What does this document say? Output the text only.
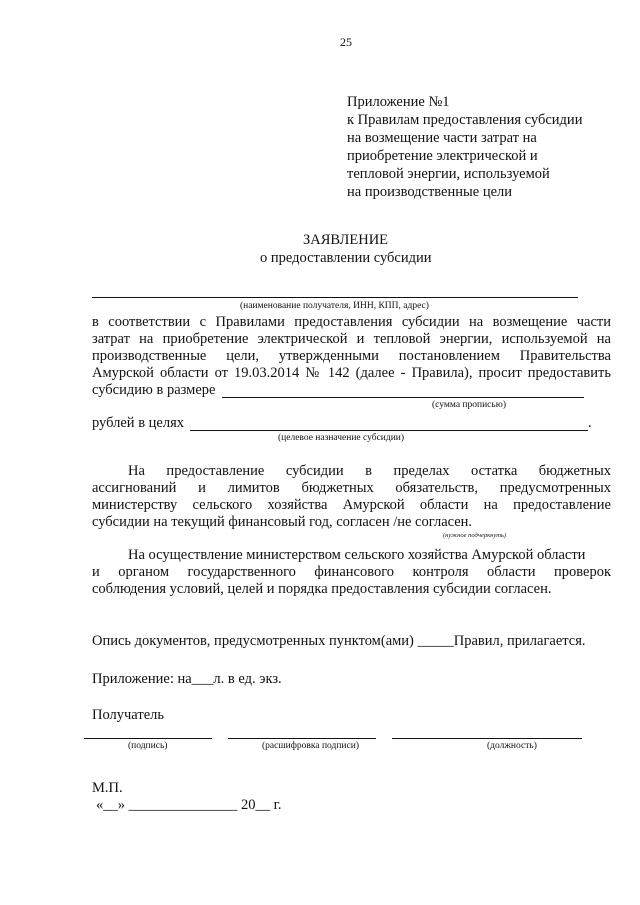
25
Приложение №1
к Правилам предоставления субсидии
на возмещение части затрат на
приобретение электрической и
тепловой энергии, используемой
на производственные цели
ЗАЯВЛЕНИЕ
о предоставлении субсидии
(наименование получателя, ИНН, КПП, адрес)
в соответствии с Правилами предоставления субсидии на возмещение части
затрат на приобретение электрической и тепловой энергии, используемой на
производственные цели, утвержденными постановлением Правительства
Амурской области от 19.03.2014 № 142 (далее - Правила), просит предоставить
субсидию в размере
(сумма прописью)
рублей в целях	.
(целевое назначение субсидии)
На предоставление субсидии в пределах остатка бюджетных
ассигнований и лимитов бюджетных обязательств, предусмотренных
министерству сельского хозяйства Амурской области на предоставление
субсидии на текущий финансовый год, согласен /не согласен.
(нужное подчеркнуть)
На осуществление министерством сельского хозяйства Амурской области
и органом государственного финансового контроля области проверок
соблюдения условий, целей и порядка предоставления субсидии согласен.
Опись документов, предусмотренных пунктом(ами) _____Правил, прилагается.
Приложение: на___л. в ед. экз.
Получатель
(подпись)	(расшифровка подписи)	(должность)
М.П.
«__» _______________ 20__ г.
